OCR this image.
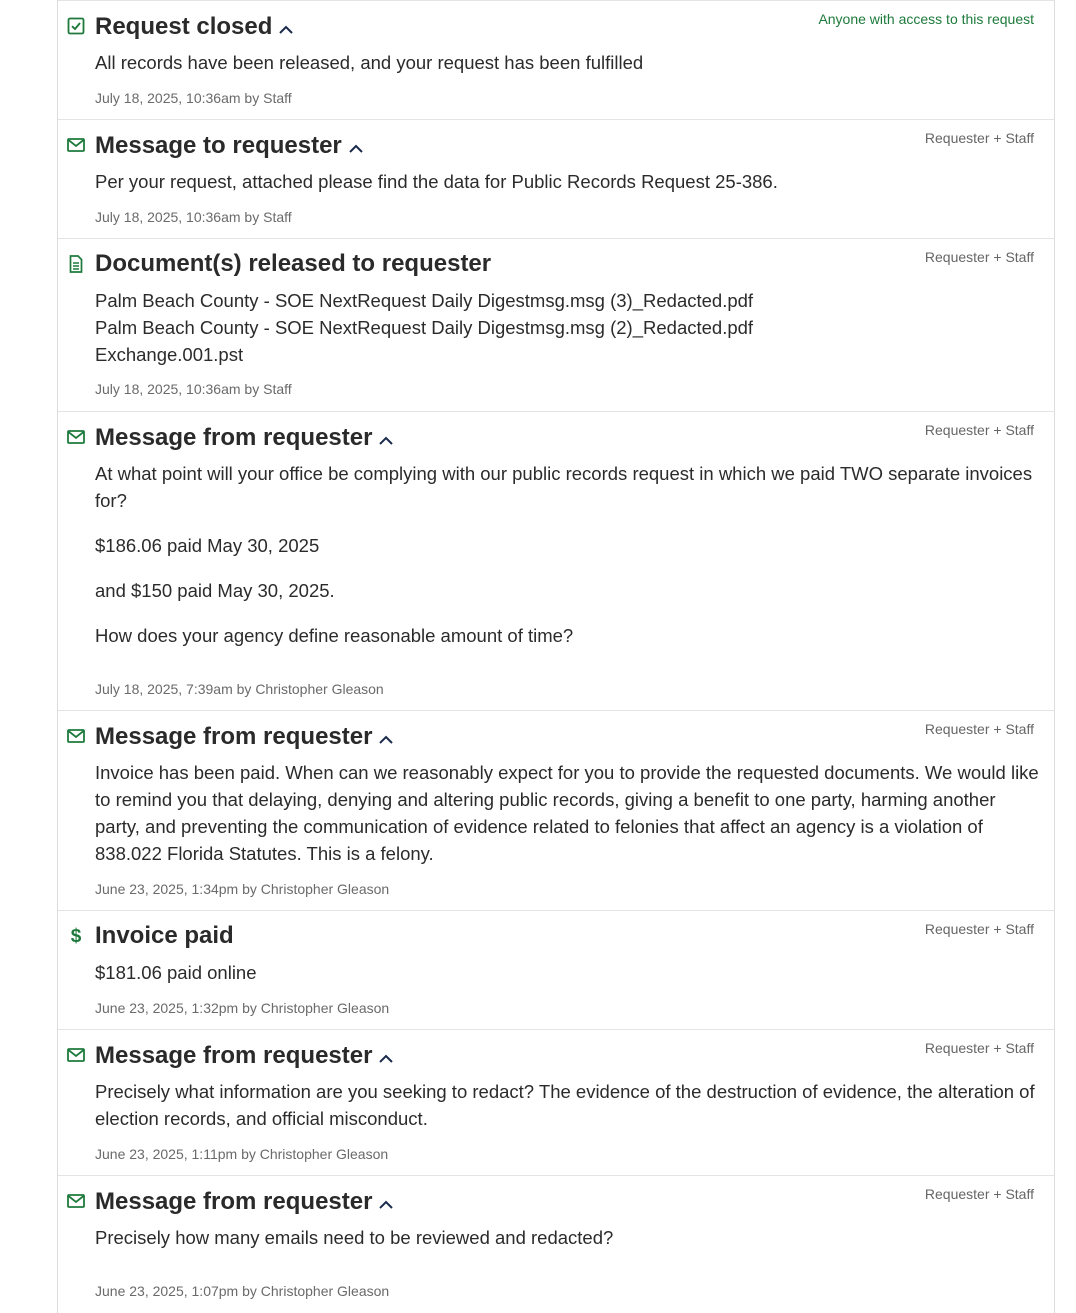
Request closed	Anyone with access to this request

All records have been released, and your request has been fulfilled

July 18, 2025, 10:36am by Staff
Message to requester	Requester + Staff

Per your request, attached please find the data for Public Records Request 25-386.

July 18, 2025, 10:36am by Staff
Document(s) released to requester	Requester + Staff
Palm Beach County - SOE NextRequest Daily Digestmsg.msg (3)_Redacted.pdf
Palm Beach County - SOE NextRequest Daily Digestmsg.msg (2)_Redacted.pdf
Exchange.001.pst
July 18, 2025, 10:36am by Staff
Message from requester	Requester + Staff

At what point will your office be complying with our public records request in which we paid TWO separate invoices for?

$186.06 paid May 30, 2025

and $150 paid May 30, 2025.

How does your agency define reasonable amount of time?

July 18, 2025, 7:39am by Christopher Gleason
Message from requester	Requester + Staff

Invoice has been paid. When can we reasonably expect for you to provide the requested documents. We would like to remind you that delaying, denying and altering public records, giving a benefit to one party, harming another party, and preventing the communication of evidence related to felonies that affect an agency is a violation of 838.022 Florida Statutes. This is a felony.

June 23, 2025, 1:34pm by Christopher Gleason
$ Invoice paid	Requester + Staff

$181.06 paid online

June 23, 2025, 1:32pm by Christopher Gleason
Message from requester	Requester + Staff

Precisely what information are you seeking to redact? The evidence of the destruction of evidence, the alteration of election records, and official misconduct.

June 23, 2025, 1:11pm by Christopher Gleason
Message from requester	Requester + Staff

Precisely how many emails need to be reviewed and redacted?

June 23, 2025, 1:07pm by Christopher Gleason
